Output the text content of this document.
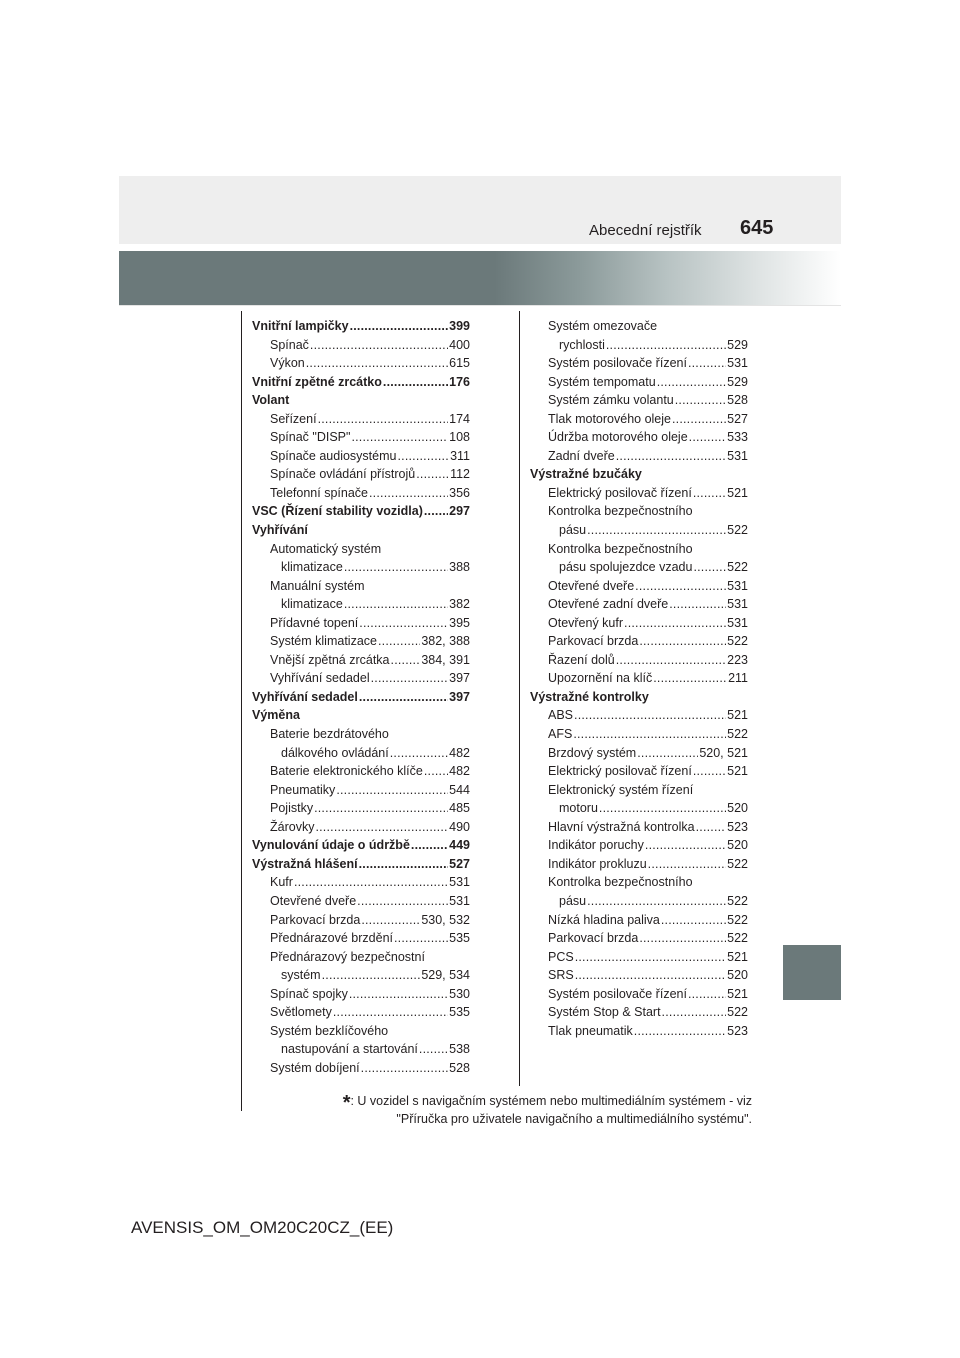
Abecední rejstřík 645
Vnitřní lampičky .....	399
Spínač .....	400
Výkon .....	615
Vnitřní zpětné zrcátko .....	176
Volant
Seřízení .....	174
Spínač "DISP" .....	108
Spínače audiosystému .....	311
Spínače ovládání přístrojů .....	112
Telefonní spínače .....	356
VSC (Řízení stability vozidla) ..... 297
Vyhřívání
Automatický systém
klimatizace .....	388
Manuální systém
klimatizace .....	382
Přídavné topení .....	395
Systém klimatizace .....	382, 388
Vnější zpětná zrcátka .....	384, 391
Vyhřívání sedadel .....	397
Vyhřívání sedadel .....	397
Výměna
Baterie bezdrátového
dálkového ovládání .....	482
Baterie elektronického klíče ..... 482
Pneumatiky .....	544
Pojistky .....	485
Žárovky .....	490
Vynulování údaje o údržbě .....	449
Výstražná hlášení .....	527
Kufr .....	531
Otevřené dveře .....	531
Parkovací brzda .....	530, 532
Přednárazové brzdění .....	535
Přednárazový bezpečnostní
systém .....	529, 534
Spínač spojky .....	530
Světlomety .....	535
Systém bezklíčového
nastupování a startování ..... 538
Systém dobíjení .....	528
Systém omezovače
rychlosti .....	529
Systém posilovače řízení .....	531
Systém tempomatu .....	529
Systém zámku volantu .....	528
Tlak motorového oleje .....	527
Údržba motorového oleje .....	533
Zadní dveře .....	531
Výstražné bzučáky
Elektrický posilovač řízení .....	521
Kontrolka bezpečnostního
pásu .....	522
Kontrolka bezpečnostního
pásu spolujezdce vzadu .....	522
Otevřené dveře .....	531
Otevřené zadní dveře .....	531
Otevřený kufr .....	531
Parkovací brzda .....	522
Řazení dolů .....	223
Upozornění na klíč .....	211
Výstražné kontrolky
ABS .....	521
AFS .....	522
Brzdový systém .....	520, 521
Elektrický posilovač řízení .....	521
Elektronický systém řízení
motoru .....	520
Hlavní výstražná kontrolka .....	523
Indikátor poruchy .....	520
Indikátor prokluzu .....	522
Kontrolka bezpečnostního
pásu .....	522
Nízká hladina paliva .....	522
Parkovací brzda .....	522
PCS .....	521
SRS .....	520
Systém posilovače řízení .....	521
Systém Stop & Start .....	522
Tlak pneumatik .....	523
*: U vozidel s navigačním systémem nebo multimediálním systémem - viz
"Příručka pro uživatele navigačního a multimediálního systému".
AVENSIS_OM_OM20C20CZ_(EE)
